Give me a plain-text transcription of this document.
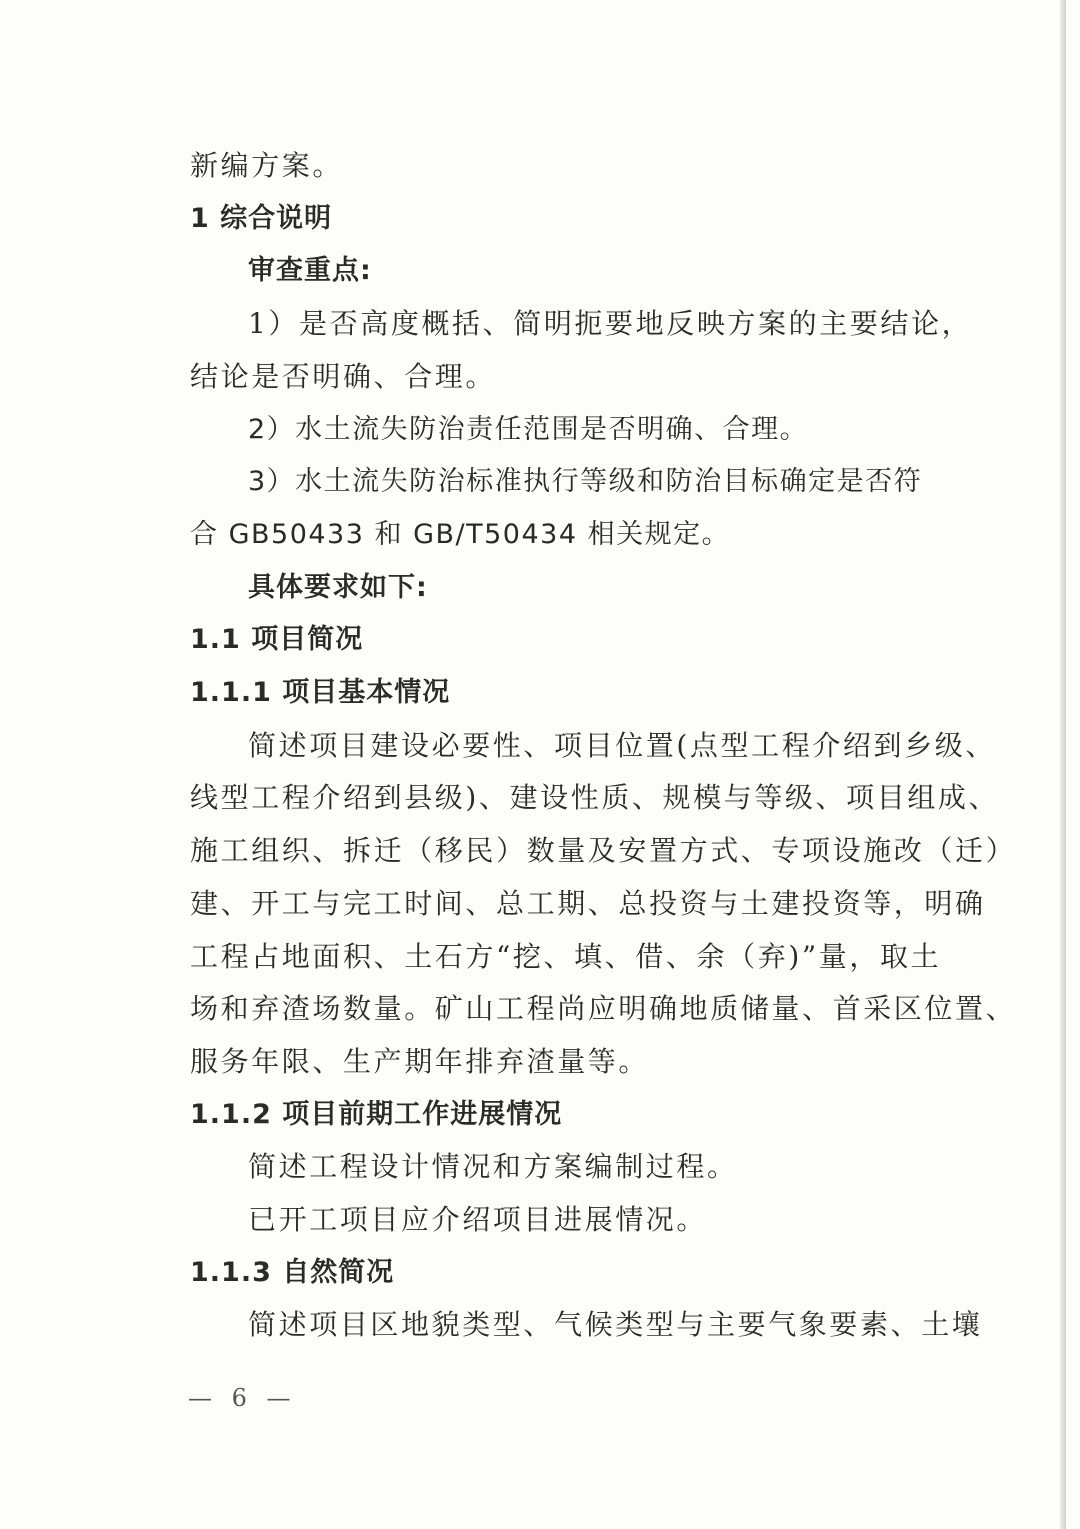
新编方案。

1 综合说明

审查重点:

1）是否高度概括、简明扼要地反映方案的主要结论，

结论是否明确、合理。

2）水土流失防治责任范围是否明确、合理。

3）水土流失防治标准执行等级和防治目标确定是否符

合 GB50433 和 GB/T50434 相关规定。

具体要求如下:

1.1 项目简况

1.1.1 项目基本情况

简述项目建设必要性、项目位置(点型工程介绍到乡级、

线型工程介绍到县级)、建设性质、规模与等级、项目组成、

施工组织、拆迁（移民）数量及安置方式、专项设施改（迁）

建、开工与完工时间、总工期、总投资与土建投资等，明确

工程占地面积、土石方“挖、填、借、余（弃)”量，取土

场和弃渣场数量。矿山工程尚应明确地质储量、首采区位置、

服务年限、生产期年排弃渣量等。

1.1.2 项目前期工作进展情况

简述工程设计情况和方案编制过程。

已开工项目应介绍项目进展情况。

1.1.3 自然简况

简述项目区地貌类型、气候类型与主要气象要素、土壤

— 6 —
